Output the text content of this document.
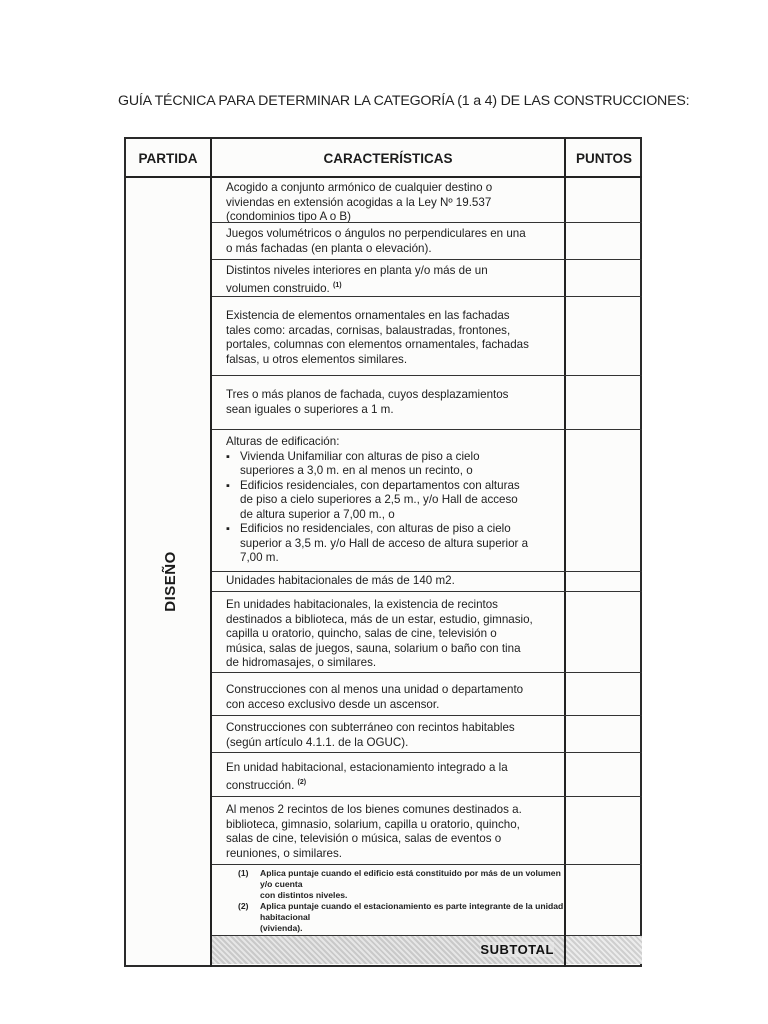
GUÍA TÉCNICA PARA DETERMINAR LA CATEGORÍA (1 a 4) DE LAS CONSTRUCCIONES:
PARTIDA	CARACTERÍSTICAS	PUNTOS
DISEÑO
Acogido a conjunto armónico de cualquier destino o
viviendas en extensión acogidas a la Ley Nº 19.537
(condominios tipo A o B)
Juegos volumétricos o ángulos no perpendiculares en una
o más fachadas (en planta o elevación).
Distintos niveles interiores en planta y/o más de un
volumen construido. $^{(1)}$
Existencia de elementos ornamentales en las fachadas
tales como: arcadas, cornisas, balaustradas, frontones,
portales, columnas con elementos ornamentales, fachadas
falsas, u otros elementos similares.
Tres o más planos de fachada, cuyos desplazamientos
sean iguales o superiores a 1 m.
Alturas de edificación:
▪ Vivienda Unifamiliar con alturas de piso a cielo
superiores a 3,0 m. en al menos un recinto, o
▪ Edificios residenciales, con departamentos con alturas
de piso a cielo superiores a 2,5 m., y/o Hall de acceso
de altura superior a 7,00 m., o
▪ Edificios no residenciales, con alturas de piso a cielo
superior a 3,5 m. y/o Hall de acceso de altura superior a
7,00 m.
Unidades habitacionales de más de 140 m2.
En unidades habitacionales, la existencia de recintos
destinados a biblioteca, más de un estar, estudio, gimnasio,
capilla u oratorio, quincho, salas de cine, televisión o
música, salas de juegos, sauna, solarium o baño con tina
de hidromasajes, o similares.
Construcciones con al menos una unidad o departamento
con acceso exclusivo desde un ascensor.
Construcciones con subterráneo con recintos habitables
(según artículo 4.1.1. de la OGUC).
En unidad habitacional, estacionamiento integrado a la
construcción. $^{(2)}$
Al menos 2 recintos de los bienes comunes destinados a.
biblioteca, gimnasio, solarium, capilla u oratorio, quincho,
salas de cine, televisión o música, salas de eventos o
reuniones, o similares.
(1) Aplica puntaje cuando el edificio está constituido por más de un volumen y/o cuenta
con distintos niveles.
(2) Aplica puntaje cuando el estacionamiento es parte integrante de la unidad habitacional
(vivienda).
SUBTOTAL
